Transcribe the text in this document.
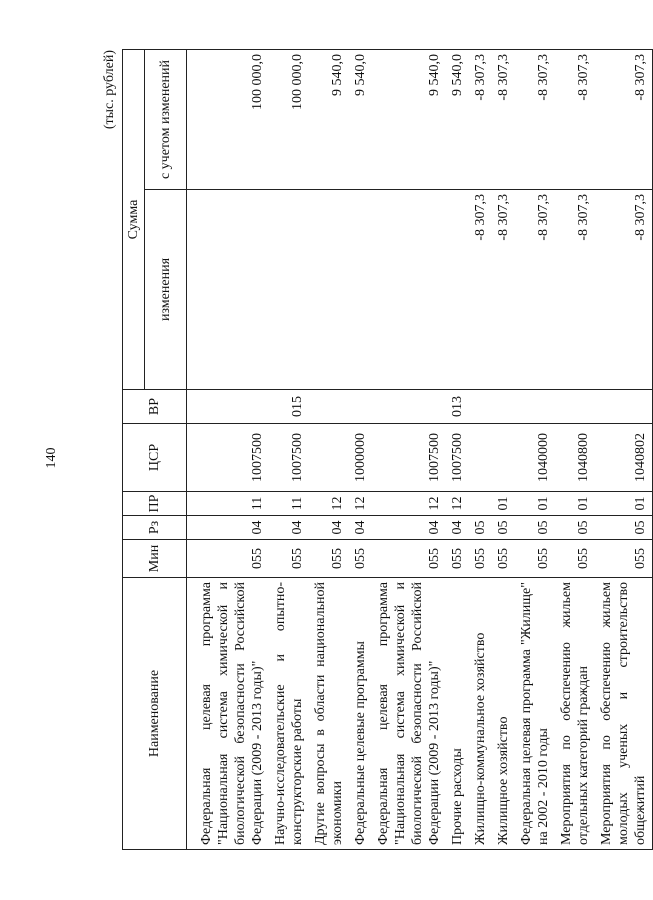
140
(тыс. рублей)
Наименование	Мин	Рз	ПР	ЦСР	ВР	Сумма	
						изменения	с учетом изменений

Федеральная целевая программа "Национальная система химической и биологической безопасности Российской Федерации (2009 - 2013 годы)"	055	04	11	1007500			100 000,0
Научно-исследовательские и опытно-конструкторские работы	055	04	11	1007500	015		100 000,0
Другие вопросы в области национальной экономики	055	04	12				9 540,0
Федеральные целевые программы	055	04	12	1000000			9 540,0
Федеральная целевая программа "Национальная система химической и биологической безопасности Российской Федерации (2009 - 2013 годы)"	055	04	12	1007500			9 540,0
Прочие расходы	055	04	12	1007500	013		9 540,0
Жилищно-коммунальное хозяйство	055	05				-8 307,3	-8 307,3
Жилищное хозяйство	055	05	01			-8 307,3	-8 307,3
Федеральная целевая программа "Жилище" на 2002 - 2010 годы	055	05	01	1040000		-8 307,3	-8 307,3
Мероприятия по обеспечению жильем отдельных категорий граждан	055	05	01	1040800		-8 307,3	-8 307,3
Мероприятия по обеспечению жильем молодых ученых и строительство общежитий	055	05	01	1040802		-8 307,3	-8 307,3
